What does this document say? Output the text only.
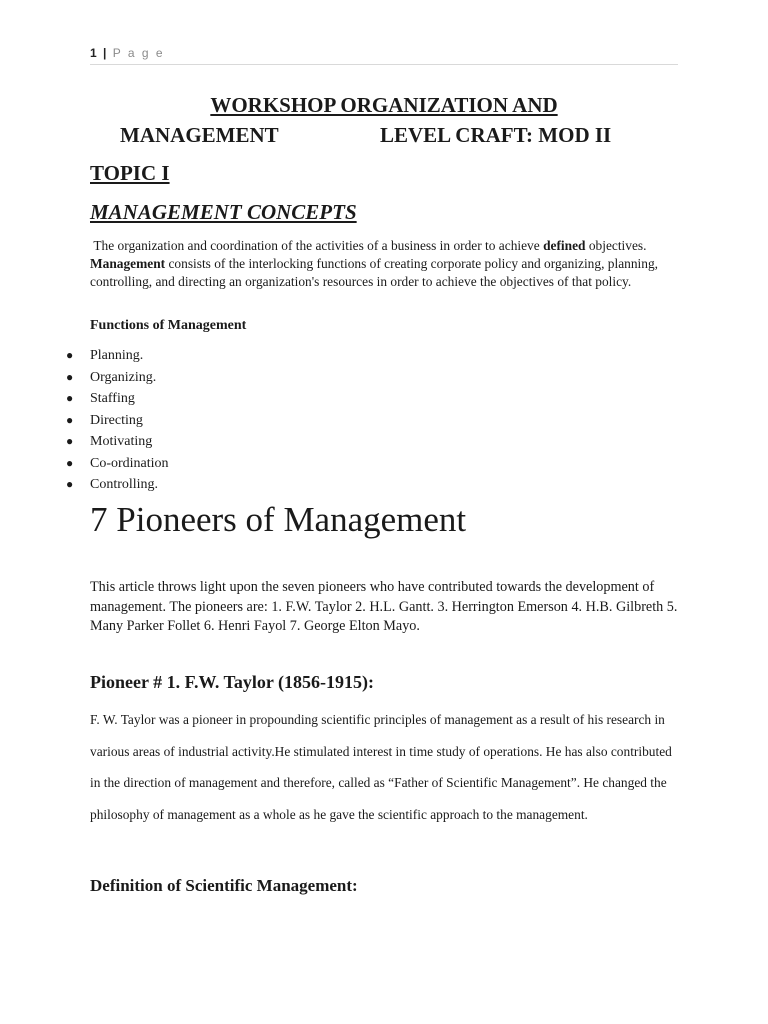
1 | P a g e
WORKSHOP ORGANIZATION AND
MANAGEMENT	LEVEL CRAFT: MOD II
TOPIC I
MANAGEMENT CONCEPTS
The organization and coordination of the activities of a business in order to achieve defined objectives. Management consists of the interlocking functions of creating corporate policy and organizing, planning, controlling, and directing an organization's resources in order to achieve the objectives of that policy.
Functions of Management
● Planning.
● Organizing.
● Staffing
● Directing
● Motivating
● Co-ordination
● Controlling.
7 Pioneers of Management
This article throws light upon the seven pioneers who have contributed towards the development of management. The pioneers are: 1. F.W. Taylor 2. H.L. Gantt. 3. Herrington Emerson 4. H.B. Gilbreth 5. Many Parker Follet 6. Henri Fayol 7. George Elton Mayo.
Pioneer # 1. F.W. Taylor (1856-1915):
F. W. Taylor was a pioneer in propounding scientific principles of management as a result of his research in various areas of industrial activity.He stimulated interest in time study of operations. He has also contributed in the direction of management and therefore, called as “Father of Scientific Management”. He changed the philosophy of management as a whole as he gave the scientific approach to the management.
Definition of Scientific Management:
